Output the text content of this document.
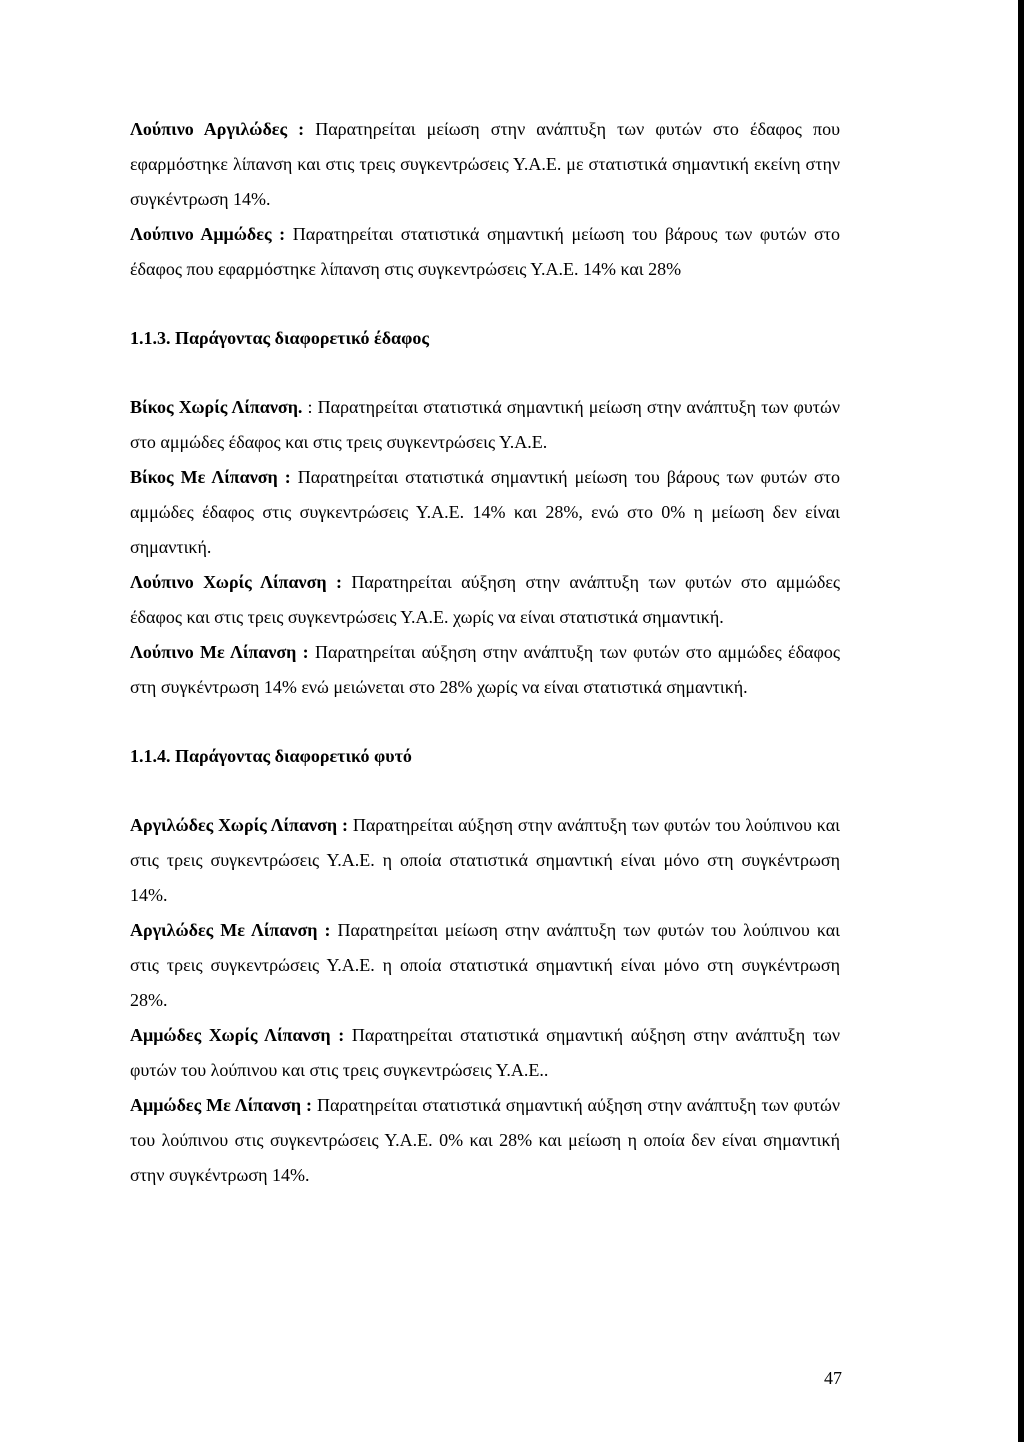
Λούπινο Αργιλώδες : Παρατηρείται μείωση στην ανάπτυξη των φυτών στο έδαφος που εφαρμόστηκε λίπανση και στις τρεις συγκεντρώσεις Υ.Α.Ε. με στατιστικά σημαντική εκείνη στην συγκέντρωση 14%.

Λούπινο Αμμώδες : Παρατηρείται στατιστικά σημαντική μείωση του βάρους των φυτών στο έδαφος που εφαρμόστηκε λίπανση στις συγκεντρώσεις Υ.Α.Ε. 14% και 28%

1.1.3. Παράγοντας διαφορετικό έδαφος

Βίκος Χωρίς Λίπανση. : Παρατηρείται στατιστικά σημαντική μείωση στην ανάπτυξη των φυτών στο αμμώδες έδαφος και στις τρεις συγκεντρώσεις Υ.Α.Ε.

Βίκος Με Λίπανση : Παρατηρείται στατιστικά σημαντική μείωση του βάρους των φυτών στο αμμώδες έδαφος στις συγκεντρώσεις Υ.Α.Ε. 14% και 28%, ενώ στο 0% η μείωση δεν είναι σημαντική.

Λούπινο Χωρίς Λίπανση : Παρατηρείται αύξηση στην ανάπτυξη των φυτών στο αμμώδες έδαφος και στις τρεις συγκεντρώσεις Υ.Α.Ε. χωρίς να είναι στατιστικά σημαντική.

Λούπινο Με Λίπανση : Παρατηρείται αύξηση στην ανάπτυξη των φυτών στο αμμώδες έδαφος στη συγκέντρωση 14% ενώ μειώνεται στο 28% χωρίς να είναι στατιστικά σημαντική.

1.1.4. Παράγοντας διαφορετικό φυτό

Αργιλώδες Χωρίς Λίπανση : Παρατηρείται αύξηση στην ανάπτυξη των φυτών του λούπινου και στις τρεις συγκεντρώσεις Υ.Α.Ε. η οποία στατιστικά σημαντική είναι μόνο στη συγκέντρωση 14%.

Αργιλώδες Με Λίπανση : Παρατηρείται μείωση στην ανάπτυξη των φυτών του λούπινου και στις τρεις συγκεντρώσεις Υ.Α.Ε. η οποία στατιστικά σημαντική είναι μόνο στη συγκέντρωση 28%.

Αμμώδες Χωρίς Λίπανση : Παρατηρείται στατιστικά σημαντική αύξηση στην ανάπτυξη των φυτών του λούπινου και στις τρεις συγκεντρώσεις Υ.Α.Ε..

Αμμώδες Με Λίπανση : Παρατηρείται στατιστικά σημαντική αύξηση στην ανάπτυξη των φυτών του λούπινου στις συγκεντρώσεις Υ.Α.Ε. 0% και 28% και μείωση η οποία δεν είναι σημαντική στην συγκέντρωση 14%.

47
